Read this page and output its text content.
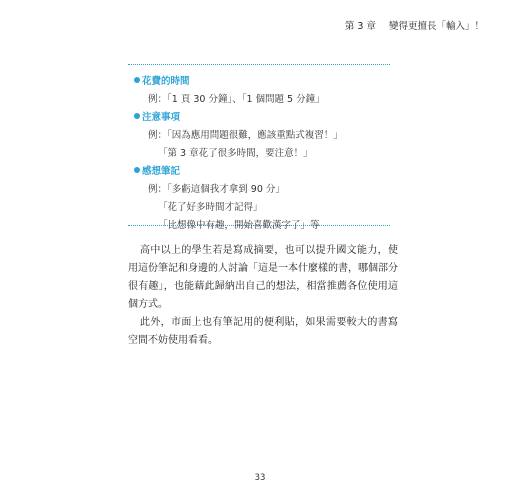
第 3 章 變得更擅長「輸入」！
花費的時間
例：「1 頁 30 分鐘」、「1 個問題 5 分鐘」
注意事項
例：「因為應用問題很難，應該重點式複習！」
「第 3 章花了很多時間，要注意！」
感想筆記
例：「多虧這個我才拿到 90 分」
「花了好多時間才記得」
「比想像中有趣，開始喜歡漢字了」等

高中以上的學生若是寫成摘要，也可以提升國文能力，使用這份筆記和身邊的人討論「這是一本什麼樣的書，哪個部分很有趣」，也能藉此歸納出自己的想法，相當推薦各位使用這個方式。

此外，市面上也有筆記用的便利貼，如果需要較大的書寫空間不妨使用看看。

33
